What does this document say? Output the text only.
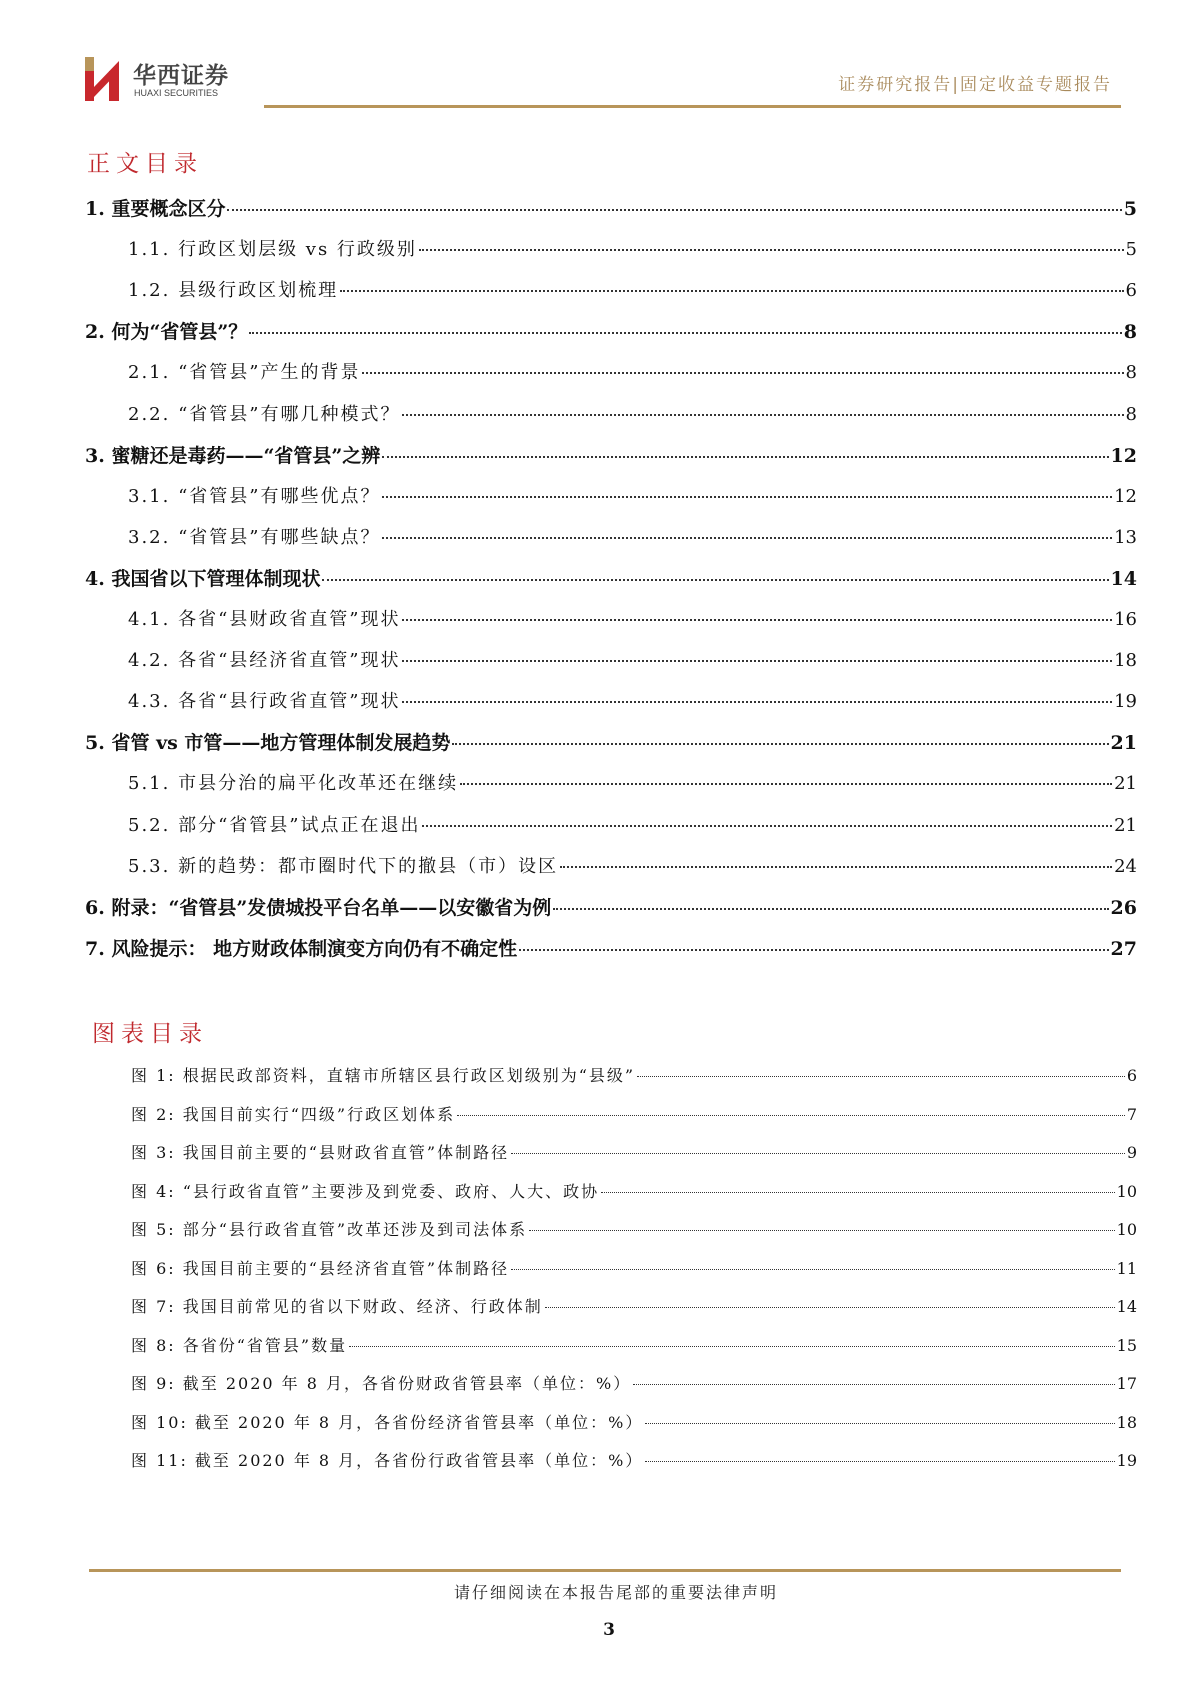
华西证券
HUAXI SECURITIES	证券研究报告|固定收益专题报告
正文目录
1. 重要概念区分	5
1.1. 行政区划层级 vs 行政级别	5
1.2. 县级行政区划梳理	6
2. 何为“省管县”？	8
2.1. “省管县”产生的背景	8
2.2. “省管县”有哪几种模式？	8
3. 蜜糖还是毒药——“省管县”之辨	12
3.1. “省管县”有哪些优点？	12
3.2. “省管县”有哪些缺点？	13
4. 我国省以下管理体制现状	14
4.1. 各省“县财政省直管”现状	16
4.2. 各省“县经济省直管”现状	18
4.3. 各省“县行政省直管”现状	19
5. 省管 vs 市管——地方管理体制发展趋势	21
5.1. 市县分治的扁平化改革还在继续	21
5.2. 部分“省管县”试点正在退出	21
5.3. 新的趋势：都市圈时代下的撤县（市）设区	24
6. 附录：“省管县”发债城投平台名单——以安徽省为例	26
7. 风险提示： 地方财政体制演变方向仍有不确定性	27
图表目录
图 1: 根据民政部资料，直辖市所辖区县行政区划级别为“县级”	6
图 2: 我国目前实行“四级”行政区划体系	7
图 3: 我国目前主要的“县财政省直管”体制路径	9
图 4: “县行政省直管”主要涉及到党委、政府、人大、政协	10
图 5: 部分“县行政省直管”改革还涉及到司法体系	10
图 6: 我国目前主要的“县经济省直管”体制路径	11
图 7: 我国目前常见的省以下财政、经济、行政体制	14
图 8: 各省份“省管县”数量	15
图 9: 截至 2020 年 8 月，各省份财政省管县率（单位：%）	17
图 10: 截至 2020 年 8 月，各省份经济省管县率（单位：%）	18
图 11: 截至 2020 年 8 月，各省份行政省管县率（单位：%）	19
请仔细阅读在本报告尾部的重要法律声明
3
